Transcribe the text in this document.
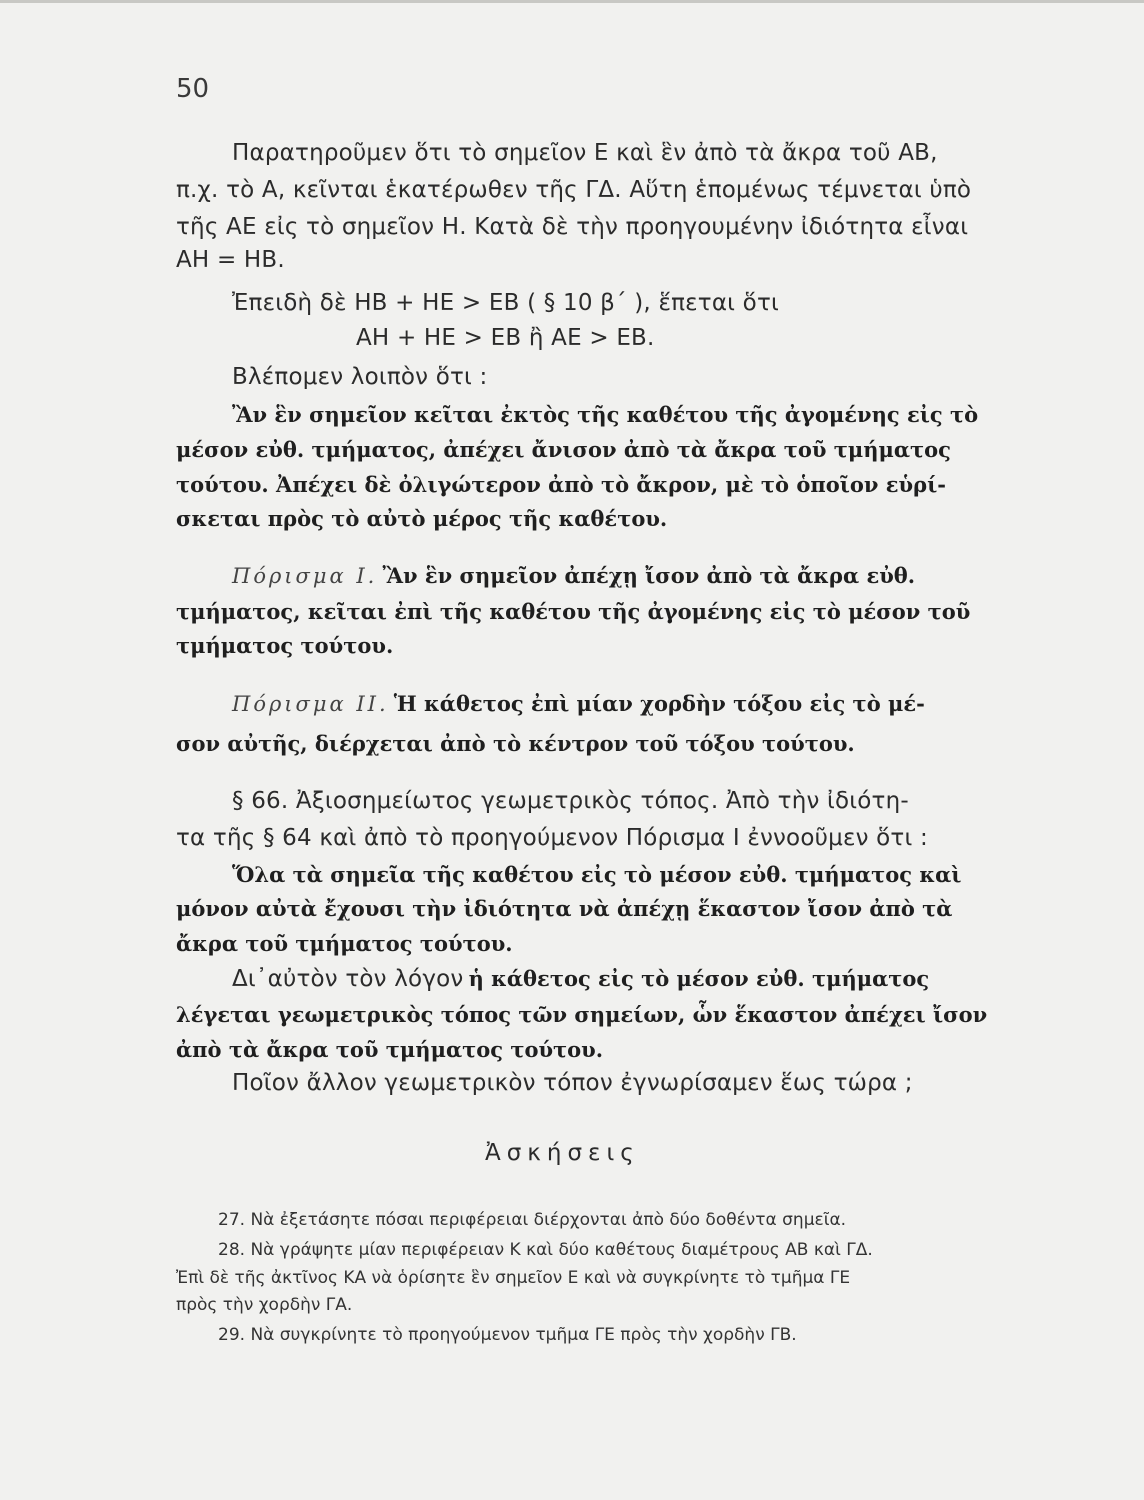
50
Παρατηροῦμεν ὅτι τὸ σημεῖον Ε καὶ ἓν ἀπὸ τὰ ἄκρα τοῦ ΑΒ,
π.χ. τὸ Α, κεῖνται ἑκατέρωθεν τῆς ΓΔ. Αὕτη ἑπομένως τέμνεται ὑπὸ
τῆς ΑΕ εἰς τὸ σημεῖον Η. Κατὰ δὲ τὴν προηγουμένην ἰδιότητα εἶναι
ΑΗ = ΗΒ.
Ἐπειδὴ δὲ ΗΒ + ΗΕ > ΕΒ ( § 10 β΄ ), ἕπεται ὅτι
ΑΗ + ΗΕ > ΕΒ ἢ ΑΕ > ΕΒ.
Βλέπομεν λοιπὸν ὅτι :
Ἂν ἓν σημεῖον κεῖται ἐκτὸς τῆς καθέτου τῆς ἀγομένης εἰς τὸ
μέσον εὐθ. τμήματος, ἀπέχει ἄνισον ἀπὸ τὰ ἄκρα τοῦ τμήματος
τούτου. Ἀπέχει δὲ ὀλιγώτερον ἀπὸ τὸ ἄκρον, μὲ τὸ ὁποῖον εὑρί-
σκεται πρὸς τὸ αὐτὸ μέρος τῆς καθέτου.
Πόρισμα I. Ἂν ἓν σημεῖον ἀπέχῃ ἴσον ἀπὸ τὰ ἄκρα εὐθ.
τμήματος, κεῖται ἐπὶ τῆς καθέτου τῆς ἀγομένης εἰς τὸ μέσον τοῦ
τμήματος τούτου.
Πόρισμα II. Ἡ κάθετος ἐπὶ μίαν χορδὴν τόξου εἰς τὸ μέ-
σον αὐτῆς, διέρχεται ἀπὸ τὸ κέντρον τοῦ τόξου τούτου.
§ 66. Ἀξιοσημείωτος γεωμετρικὸς τόπος. Ἀπὸ τὴν ἰδιότη-
τα τῆς § 64 καὶ ἀπὸ τὸ προηγούμενον Πόρισμα I ἐννοοῦμεν ὅτι :
Ὅλα τὰ σημεῖα τῆς καθέτου εἰς τὸ μέσον εὐθ. τμήματος καὶ
μόνον αὐτὰ ἔχουσι τὴν ἰδιότητα νὰ ἀπέχῃ ἕκαστον ἴσον ἀπὸ τὰ
ἄκρα τοῦ τμήματος τούτου.
Δι᾽αὐτὸν τὸν λόγον ἡ κάθετος εἰς τὸ μέσον εὐθ. τμήματος
λέγεται γεωμετρικὸς τόπος τῶν σημείων, ὧν ἕκαστον ἀπέχει ἴσον
ἀπὸ τὰ ἄκρα τοῦ τμήματος τούτου.
Ποῖον ἄλλον γεωμετρικὸν τόπον ἐγνωρίσαμεν ἕως τώρα ;
Ἀσκήσεις
27. Νὰ ἐξετάσητε πόσαι περιφέρειαι διέρχονται ἀπὸ δύο δοθέντα σημεῖα.
28. Νὰ γράψητε μίαν περιφέρειαν Κ καὶ δύο καθέτους διαμέτρους ΑΒ καὶ ΓΔ.
Ἐπὶ δὲ τῆς ἀκτῖνος ΚΑ νὰ ὁρίσητε ἓν σημεῖον Ε καὶ νὰ συγκρίνητε τὸ τμῆμα ΓΕ
πρὸς τὴν χορδὴν ΓΑ.
29. Νὰ συγκρίνητε τὸ προηγούμενον τμῆμα ΓΕ πρὸς τὴν χορδὴν ΓΒ.
